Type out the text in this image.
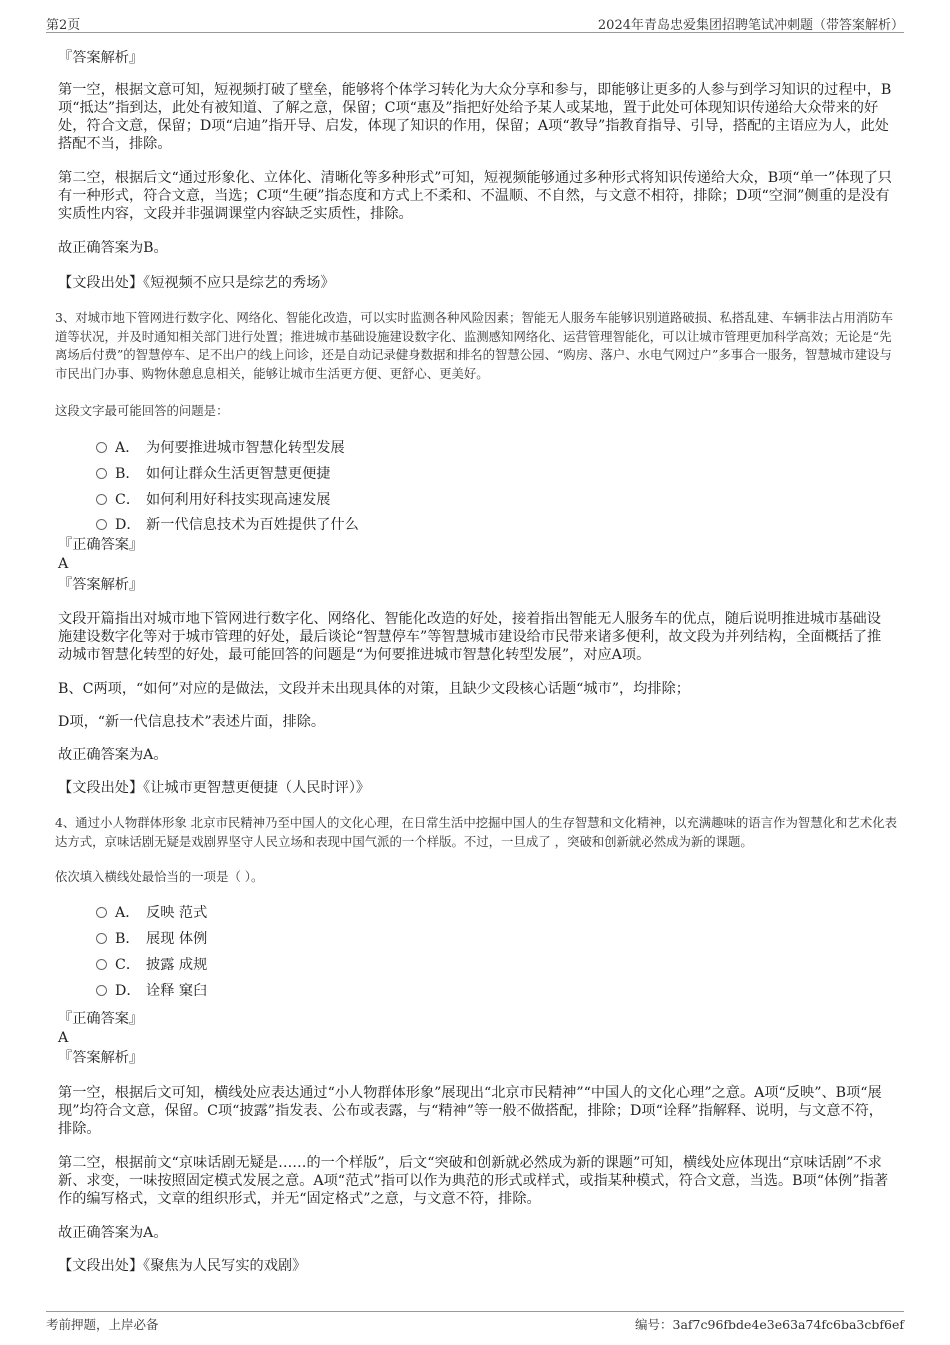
第2页	2024年青岛忠爱集团招聘笔试冲刺题（带答案解析）
『答案解析』
第一空，根据文意可知，短视频打破了壁垒，能够将个体学习转化为大众分享和参与，即能够让更多的人参与到学习知识的过程中，B项“抵达”指到达，此处有被知道、了解之意，保留；C项“惠及”指把好处给予某人或某地，置于此处可体现知识传递给大众带来的好处，符合文意，保留；D项“启迪”指开导、启发，体现了知识的作用，保留；A项“教导”指教育指导、引导，搭配的主语应为人，此处搭配不当，排除。
第二空，根据后文“通过形象化、立体化、清晰化等多种形式”可知，短视频能够通过多种形式将知识传递给大众，B项“单一”体现了只有一种形式，符合文意，当选；C项“生硬”指态度和方式上不柔和、不温顺、不自然，与文意不相符，排除；D项“空洞”侧重的是没有实质性内容，文段并非强调课堂内容缺乏实质性，排除。
故正确答案为B。
【文段出处】《短视频不应只是综艺的秀场》
3、对城市地下管网进行数字化、网络化、智能化改造，可以实时监测各种风险因素；智能无人服务车能够识别道路破损、私搭乱建、车辆非法占用消防车道等状况，并及时通知相关部门进行处置；推进城市基础设施建设数字化、监测感知网络化、运营管理智能化，可以让城市管理更加科学高效；无论是“先离场后付费”的智慧停车、足不出户的线上问诊，还是自动记录健身数据和排名的智慧公园、“购房、落户、水电气网过户”多事合一服务，智慧城市建设与市民出门办事、购物休憩息息相关，能够让城市生活更方便、更舒心、更美好。
这段文字最可能回答的问题是：
A． 为何要推进城市智慧化转型发展
B． 如何让群众生活更智慧更便捷
C． 如何利用好科技实现高速发展
D． 新一代信息技术为百姓提供了什么
『正确答案』
A
『答案解析』
文段开篇指出对城市地下管网进行数字化、网络化、智能化改造的好处，接着指出智能无人服务车的优点，随后说明推进城市基础设施建设数字化等对于城市管理的好处，最后谈论“智慧停车”等智慧城市建设给市民带来诸多便利，故文段为并列结构，全面概括了推动城市智慧化转型的好处，最可能回答的问题是“为何要推进城市智慧化转型发展”，对应A项。
B、C两项，“如何”对应的是做法，文段并未出现具体的对策，且缺少文段核心话题“城市”，均排除；
D项，“新一代信息技术”表述片面，排除。
故正确答案为A。
【文段出处】《让城市更智慧更便捷（人民时评）》
4、通过小人物群体形象 北京市民精神乃至中国人的文化心理，在日常生活中挖掘中国人的生存智慧和文化精神，以充满趣味的语言作为智慧化和艺术化表达方式，京味话剧无疑是戏剧界坚守人民立场和表现中国气派的一个样版。不过，一旦成了 ，突破和创新就必然成为新的课题。
依次填入横线处最恰当的一项是（ ）。
A． 反映 范式
B． 展现 体例
C． 披露 成规
D． 诠释 窠臼
『正确答案』
A
『答案解析』
第一空，根据后文可知，横线处应表达通过“小人物群体形象”展现出“北京市民精神”“中国人的文化心理”之意。A项“反映”、B项“展现”均符合文意，保留。C项“披露”指发表、公布或表露，与“精神”等一般不做搭配，排除；D项“诠释”指解释、说明，与文意不符，排除。
第二空，根据前文“京味话剧无疑是……的一个样版”，后文“突破和创新就必然成为新的课题”可知，横线处应体现出“京味话剧”不求新、求变，一味按照固定模式发展之意。A项“范式”指可以作为典范的形式或样式，或指某种模式，符合文意，当选。B项“体例”指著作的编写格式，文章的组织形式，并无“固定格式”之意，与文意不符，排除。
故正确答案为A。
【文段出处】《聚焦为人民写实的戏剧》
考前押题，上岸必备	编号：3af7c96fbde4e3e63a74fc6ba3cbf6ef
